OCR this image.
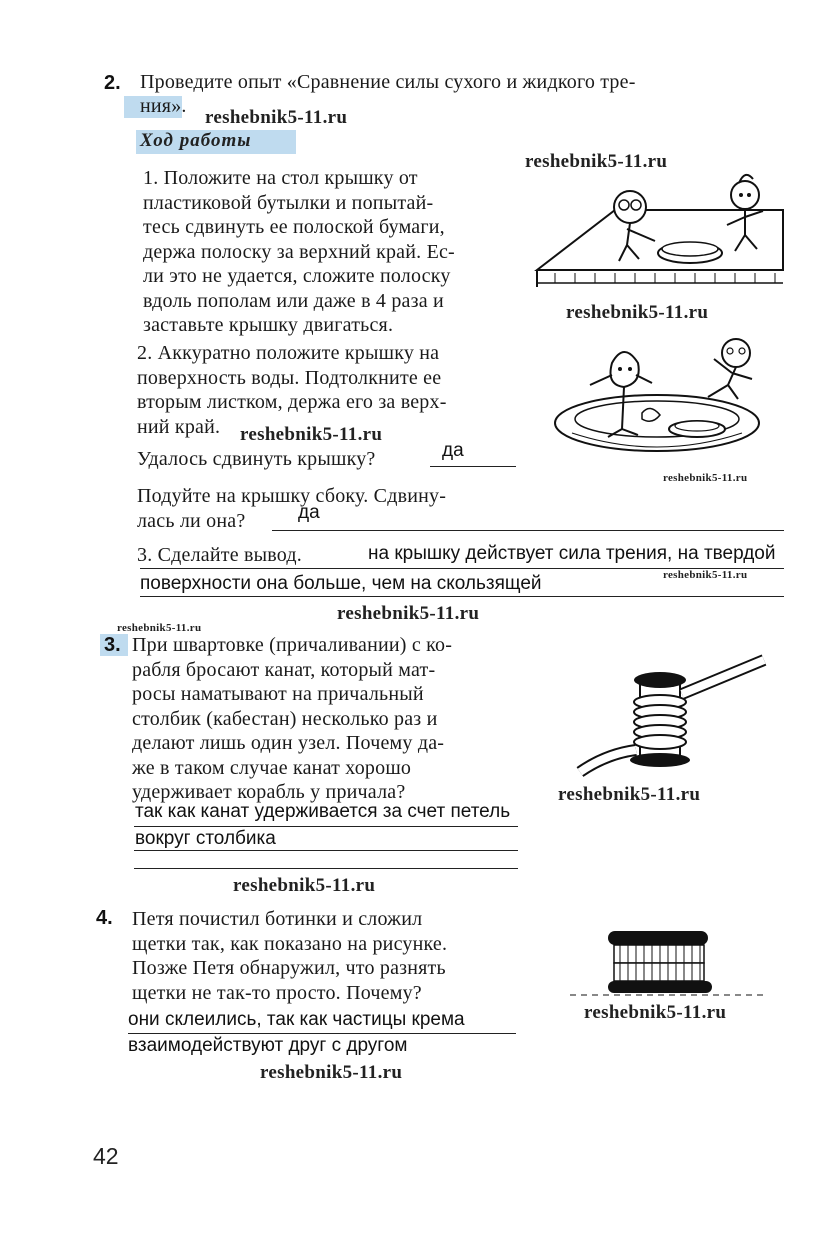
2. Проведите опыт «Сравнение силы сухого и жидкого тре-
ния».
Ход работы
1. Положите на стол крышку от
пластиковой бутылки и попытай-
тесь сдвинуть ее полоской бумаги,
держа полоску за верхний край. Ес-
ли это не удается, сложите полоску
вдоль пополам или даже в 4 раза и
заставьте крышку двигаться.
2. Аккуратно положите крышку на
поверхность воды. Подтолкните ее
вторым листком, держа его за верх-
ний край.
Удалось сдвинуть крышку?	да
Подуйте на крышку сбоку. Сдвину-
лась ли она?	да
3. Сделайте вывод.	на крышку действует сила трения, на твердой
поверхности она больше, чем на скользящей
3. При швартовке (причаливании) с ко-
рабля бросают канат, который мат-
росы наматывают на причальный
столбик (кабестан) несколько раз и
делают лишь один узел. Почему да-
же в таком случае канат хорошо
удерживает корабль у причала?
так как канат удерживается за счет петель
вокруг столбика
4. Петя почистил ботинки и сложил
щетки так, как показано на рисунке.
Позже Петя обнаружил, что разнять
щетки не так-то просто. Почему?
они склеились, так как частицы крема
взаимодействуют друг с другом
reshebnik5-11.ru
reshebnik5-11.ru
reshebnik5-11.ru
reshebnik5-11.ru
reshebnik5-11.ru
reshebnik5-11.ru
reshebnik5-11.ru
reshebnik5-11.ru
reshebnik5-11.ru
reshebnik5-11.ru
reshebnik5-11.ru
reshebnik5-11.ru
42
